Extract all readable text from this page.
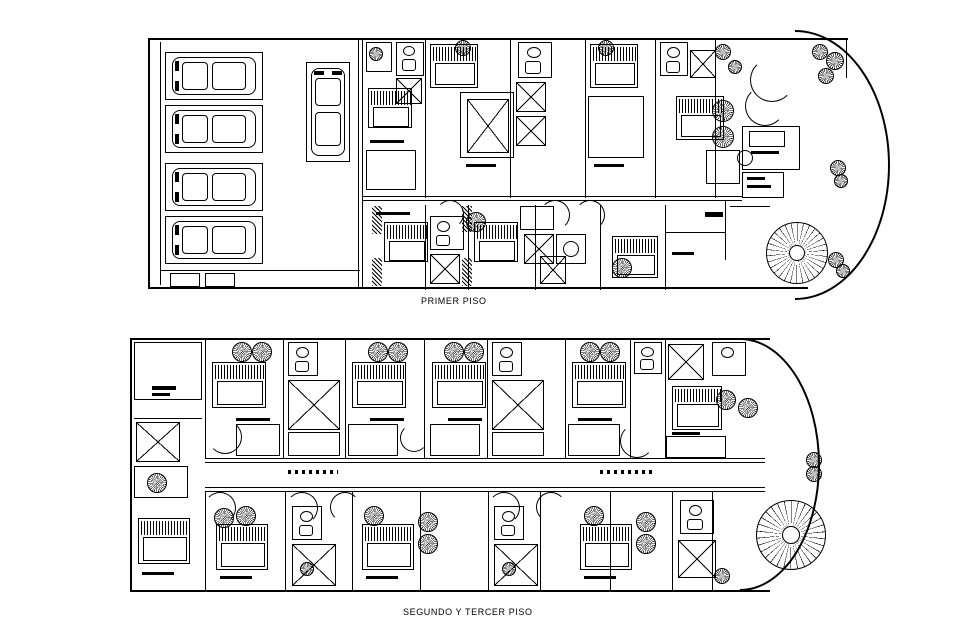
PRIMER PISO
SEGUNDO Y TERCER PISO
